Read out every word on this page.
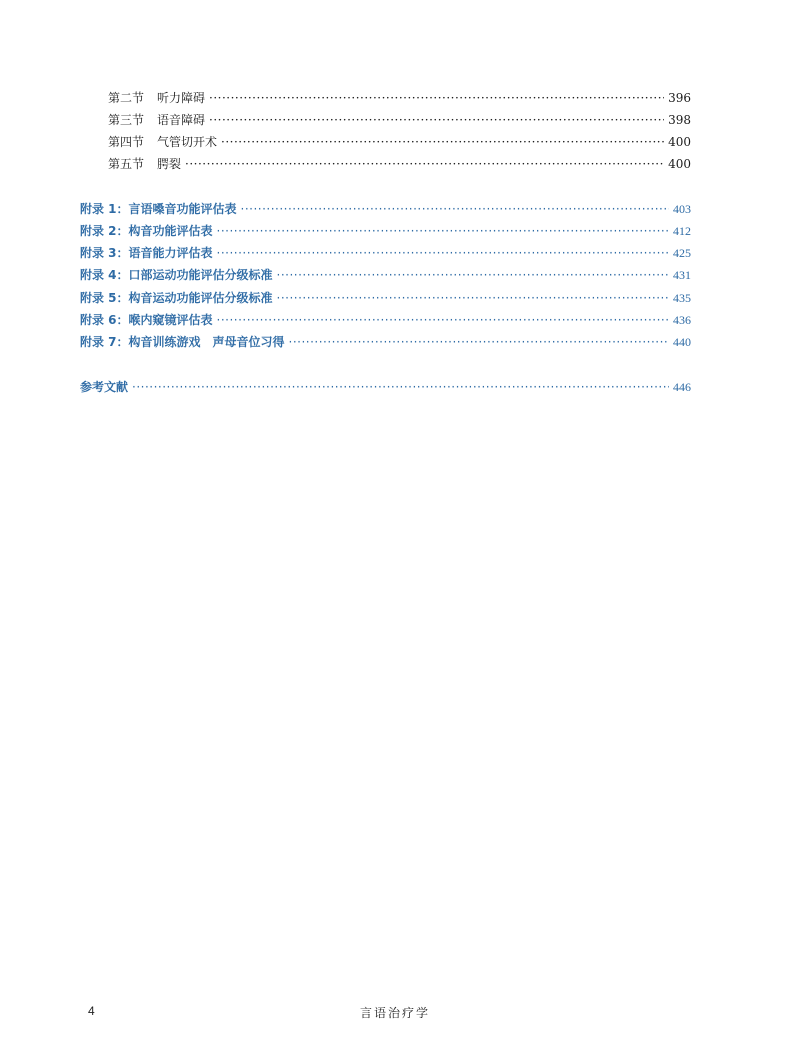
第二节 听力障碍 ·····	396
第三节 语音障碍 ·····	398
第四节 气管切开术 ·····	400
第五节 腭裂 ·····	400
附录 1：言语嗓音功能评估表 ·····	403
附录 2：构音功能评估表 ·····	412
附录 3：语音能力评估表 ·····	425
附录 4：口部运动功能评估分级标准 ·····	431
附录 5：构音运动功能评估分级标准 ·····	435
附录 6：喉内窥镜评估表 ·····	436
附录 7：构音训练游戏　声母音位习得 ·····	440
参考文献 ·····	446
4	言语治疗学
